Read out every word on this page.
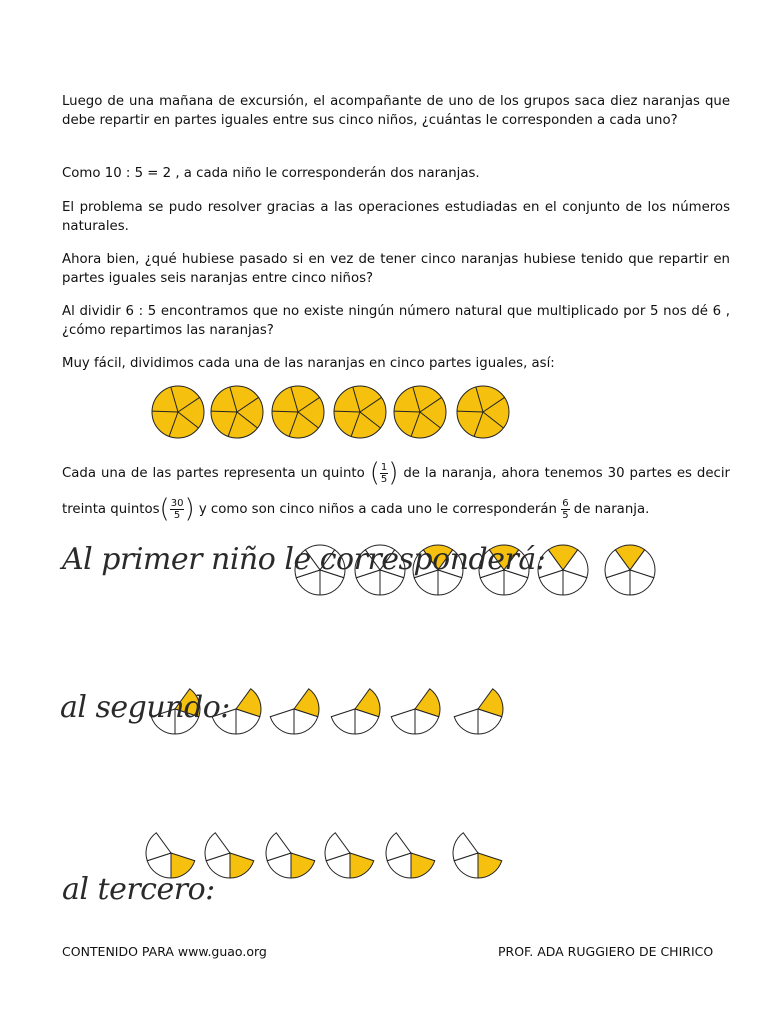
Luego de una mañana de excursión, el acompañante de uno de los grupos saca diez naranjas que debe repartir en partes iguales entre sus cinco niños, ¿cuántas le corresponden a cada uno?

Como 10 : 5 = 2 , a cada niño le corresponderán dos naranjas.

El problema se pudo resolver gracias a las operaciones estudiadas en el conjunto de los números naturales.

Ahora bien, ¿qué hubiese pasado si en vez de tener cinco naranjas hubiese tenido que repartir en partes iguales seis naranjas entre cinco niños?

Al dividir 6 : 5 encontramos que no existe ningún número natural que multiplicado por 5 nos dé 6 ,¿cómo repartimos las naranjas?

Muy fácil, dividimos cada una de las naranjas en cinco partes iguales, así:

Cada una de las partes representa un quinto ( $\frac{1}{5}$ ) de la naranja, ahora tenemos 30 partes es decir treinta quintos( $\frac{30}{5}$ ) y como son cinco niños a cada uno le corresponderán $\frac{6}{5}$ de naranja.

Al primer niño le corresponderá:
al segundo:
al tercero:
CONTENIDO PARA www.guao.org	PROF. ADA RUGGIERO DE CHIRICO
